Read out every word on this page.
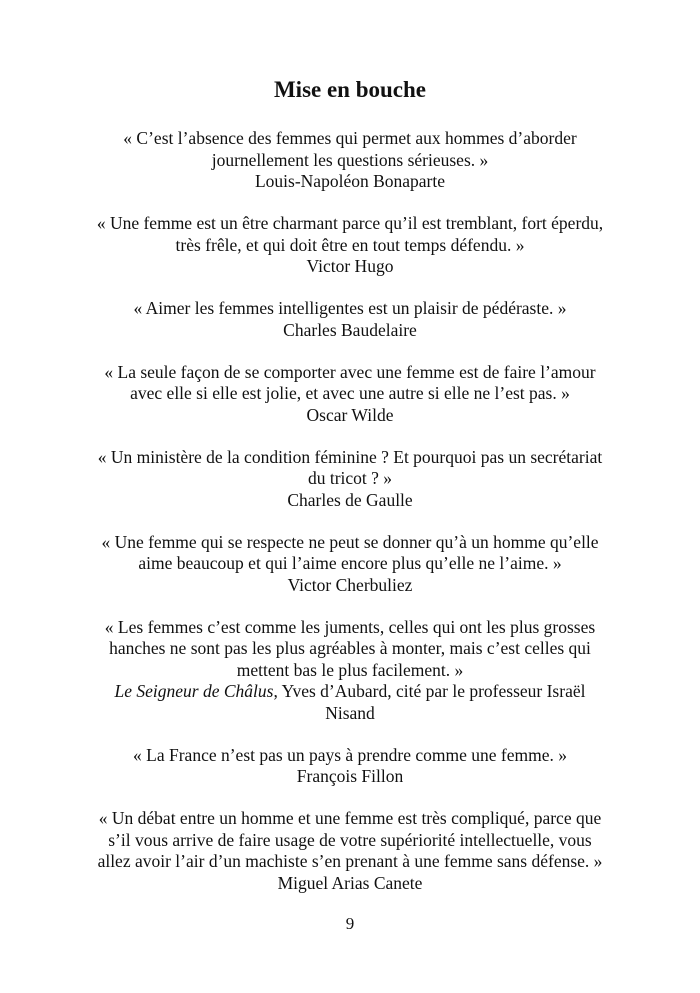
Mise en bouche
« C’est l’absence des femmes qui permet aux hommes d’aborder
journellement les questions sérieuses. »
Louis-Napoléon Bonaparte
« Une femme est un être charmant parce qu’il est tremblant, fort éperdu,
très frêle, et qui doit être en tout temps défendu. »
Victor Hugo
« Aimer les femmes intelligentes est un plaisir de pédéraste. »
Charles Baudelaire
« La seule façon de se comporter avec une femme est de faire l’amour
avec elle si elle est jolie, et avec une autre si elle ne l’est pas. »
Oscar Wilde
« Un ministère de la condition féminine ? Et pourquoi pas un secrétariat
du tricot ? »
Charles de Gaulle
« Une femme qui se respecte ne peut se donner qu’à un homme qu’elle
aime beaucoup et qui l’aime encore plus qu’elle ne l’aime. »
Victor Cherbuliez
« Les femmes c’est comme les juments, celles qui ont les plus grosses
hanches ne sont pas les plus agréables à monter, mais c’est celles qui
mettent bas le plus facilement. »
Le Seigneur de Châlus, Yves d’Aubard, cité par le professeur Israël
Nisand
« La France n’est pas un pays à prendre comme une femme. »
François Fillon
« Un débat entre un homme et une femme est très compliqué, parce que
s’il vous arrive de faire usage de votre supériorité intellectuelle, vous
allez avoir l’air d’un machiste s’en prenant à une femme sans défense. »
Miguel Arias Canete
9
